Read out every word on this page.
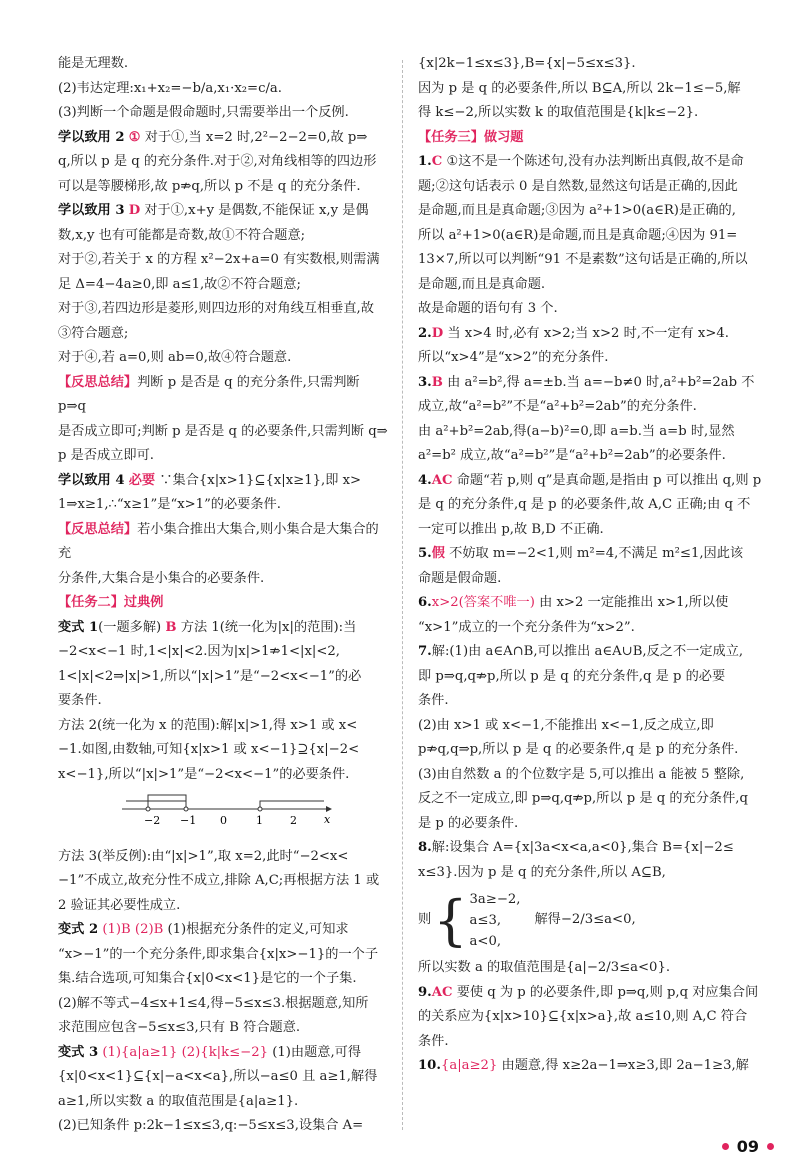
能是无理数.

(2)韦达定理:x₁+x₂=−b/a,x₁·x₂=c/a.

(3)判断一个命题是假命题时,只需要举出一个反例.

学以致用 2 ① 对于①,当 x=2 时,2²−2−2=0,故 p⇒

q,所以 p 是 q 的充分条件.对于②,对角线相等的四边形

可以是等腰梯形,故 p⇏q,所以 p 不是 q 的充分条件.

学以致用 3 D 对于①,x+y 是偶数,不能保证 x,y 是偶

数,x,y 也有可能都是奇数,故①不符合题意;

对于②,若关于 x 的方程 x²−2x+a=0 有实数根,则需满

足 Δ=4−4a≥0,即 a≤1,故②不符合题意;

对于③,若四边形是菱形,则四边形的对角线互相垂直,故

③符合题意;

对于④,若 a=0,则 ab=0,故④符合题意.

【反思总结】判断 p 是否是 q 的充分条件,只需判断 p⇒q

是否成立即可;判断 p 是否是 q 的必要条件,只需判断 q⇒

p 是否成立即可.

学以致用 4 必要 ∵集合{x|x>1}⊆{x|x≥1},即 x>

1⇒x≥1,∴“x≥1”是“x>1”的必要条件.

【反思总结】若小集合推出大集合,则小集合是大集合的充

分条件,大集合是小集合的必要条件.

【任务二】过典例

变式 1(一题多解) B 方法 1(统一化为|x|的范围):当

−2<x<−1 时,1<|x|<2.因为|x|>1⇏1<|x|<2,

1<|x|<2⇒|x|>1,所以“|x|>1”是“−2<x<−1”的必

要条件.

方法 2(统一化为 x 的范围):解|x|>1,得 x>1 或 x<

−1.如图,由数轴,可知{x|x>1 或 x<−1}⊇{x|−2<

x<−1},所以“|x|>1”是“−2<x<−1”的必要条件.

−2 −1 0	1 2 x

方法 3(举反例):由“|x|>1”,取 x=2,此时“−2<x<

−1”不成立,故充分性不成立,排除 A,C;再根据方法 1 或

2 验证其必要性成立.

变式 2 (1)B (2)B (1)根据充分条件的定义,可知求

“x>−1”的一个充分条件,即求集合{x|x>−1}的一个子

集.结合选项,可知集合{x|0<x<1}是它的一个子集.

(2)解不等式−4≤x+1≤4,得−5≤x≤3.根据题意,知所

求范围应包含−5≤x≤3,只有 B 符合题意.

变式 3 (1){a|a≥1} (2){k|k≤−2} (1)由题意,可得

{x|0<x<1}⊆{x|−a<x<a},所以−a≤0 且 a≥1,解得

a≥1,所以实数 a 的取值范围是{a|a≥1}.

(2)已知条件 p:2k−1≤x≤3,q:−5≤x≤3,设集合 A=

{x|2k−1≤x≤3},B={x|−5≤x≤3}.

因为 p 是 q 的必要条件,所以 B⊆A,所以 2k−1≤−5,解

得 k≤−2,所以实数 k 的取值范围是{k|k≤−2}.

【任务三】做习题

1.C ①这不是一个陈述句,没有办法判断出真假,故不是命

题;②这句话表示 0 是自然数,显然这句话是正确的,因此

是命题,而且是真命题;③因为 a²+1>0(a∈R)是正确的,

所以 a²+1>0(a∈R)是命题,而且是真命题;④因为 91=

13×7,所以可以判断“91 不是素数”这句话是正确的,所以

是命题,而且是真命题.

故是命题的语句有 3 个.

2.D 当 x>4 时,必有 x>2;当 x>2 时,不一定有 x>4.

所以“x>4”是“x>2”的充分条件.

3.B 由 a²=b²,得 a=±b.当 a=−b≠0 时,a²+b²=2ab 不

成立,故“a²=b²”不是“a²+b²=2ab”的充分条件.

由 a²+b²=2ab,得(a−b)²=0,即 a=b.当 a=b 时,显然

a²=b² 成立,故“a²=b²”是“a²+b²=2ab”的必要条件.

4.AC 命题“若 p,则 q”是真命题,是指由 p 可以推出 q,则 p

是 q 的充分条件,q 是 p 的必要条件,故 A,C 正确;由 q 不

一定可以推出 p,故 B,D 不正确.

5.假 不妨取 m=−2<1,则 m²=4,不满足 m²≤1,因此该

命题是假命题.

6.x>2(答案不唯一) 由 x>2 一定能推出 x>1,所以使

“x>1”成立的一个充分条件为“x>2”.

7.解:(1)由 a∈A∩B,可以推出 a∈A∪B,反之不一定成立,

即 p⇒q,q⇏p,所以 p 是 q 的充分条件,q 是 p 的必要

条件.

(2)由 x>1 或 x<−1,不能推出 x<−1,反之成立,即

p⇏q,q⇒p,所以 p 是 q 的必要条件,q 是 p 的充分条件.

(3)由自然数 a 的个位数字是 5,可以推出 a 能被 5 整除,

反之不一定成立,即 p⇒q,q⇏p,所以 p 是 q 的充分条件,q

是 p 的必要条件.

8.解:设集合 A={x|3a<x<a,a<0},集合 B={x|−2≤

x≤3}.因为 p 是 q 的充分条件,所以 A⊆B,

则 { 3a≥−2,
a≤3,
a<0,
解得−2/3≤a<0,

所以实数 a 的取值范围是{a|−2/3≤a<0}.

9.AC 要使 q 为 p 的必要条件,即 p⇒q,则 p,q 对应集合间

的关系应为{x|x>10}⊆{x|x>a},故 a≤10,则 A,C 符合

条件.

10.{a|a≥2} 由题意,得 x≥2a−1⇒x≥3,即 2a−1≥3,解

09
